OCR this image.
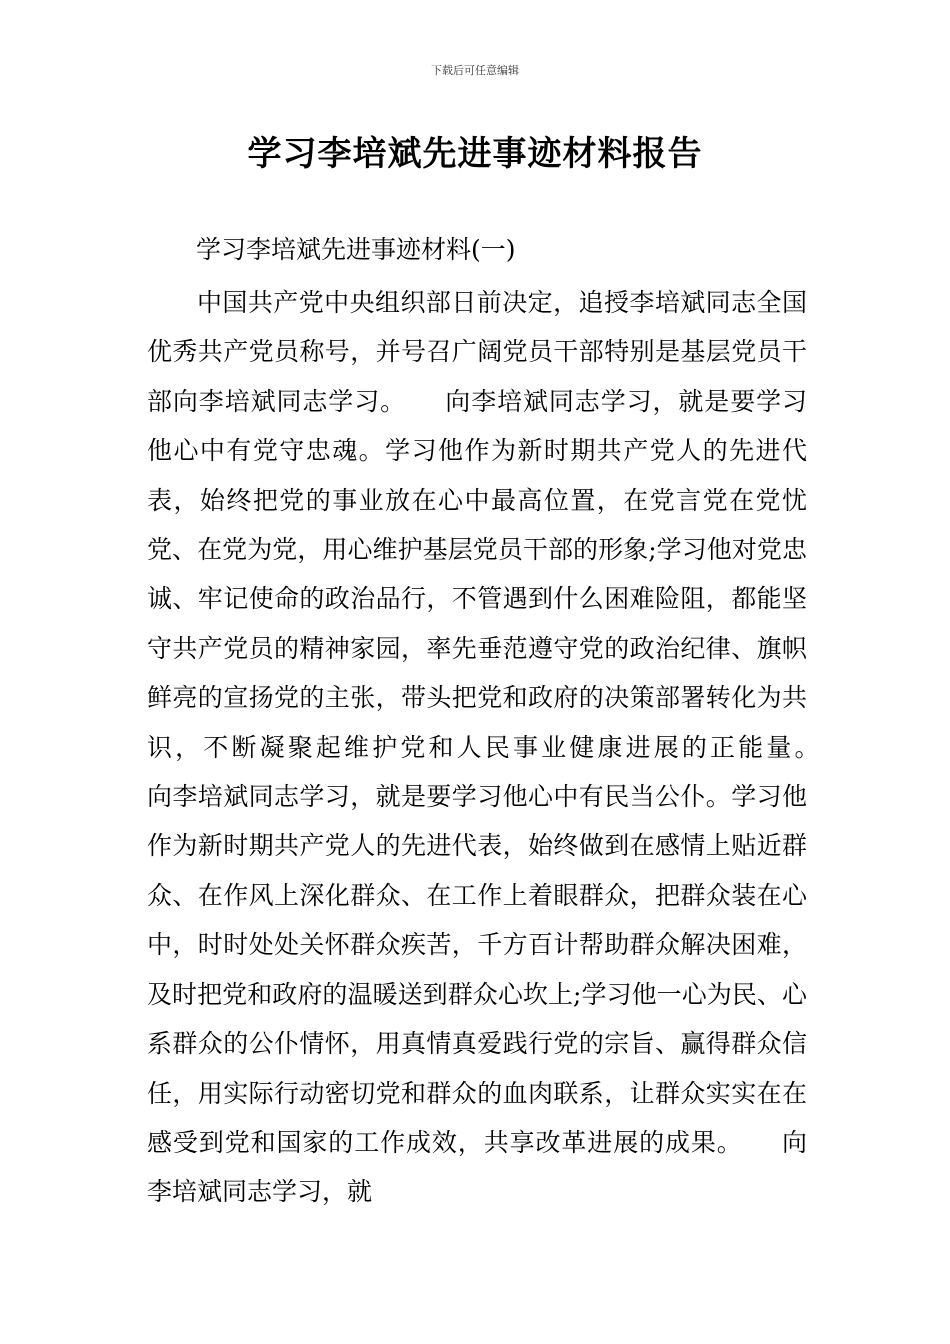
下载后可任意编辑
学习李培斌先进事迹材料报告
学习李培斌先进事迹材料(一)

中国共产党中央组织部日前决定，追授李培斌同志全国优秀共产党员称号，并号召广阔党员干部特别是基层党员干部向李培斌同志学习。　　向李培斌同志学习，就是要学习他心中有党守忠魂。学习他作为新时期共产党人的先进代表，始终把党的事业放在心中最高位置，在党言党在党忧党、在党为党，用心维护基层党员干部的形象;学习他对党忠诚、牢记使命的政治品行，不管遇到什么困难险阻，都能坚守共产党员的精神家园，率先垂范遵守党的政治纪律、旗帜鲜亮的宣扬党的主张，带头把党和政府的决策部署转化为共识，不断凝聚起维护党和人民事业健康进展的正能量。　　向李培斌同志学习，就是要学习他心中有民当公仆。学习他作为新时期共产党人的先进代表，始终做到在感情上贴近群众、在作风上深化群众、在工作上着眼群众，把群众装在心中，时时处处关怀群众疾苦，千方百计帮助群众解决困难，及时把党和政府的温暖送到群众心坎上;学习他一心为民、心系群众的公仆情怀，用真情真爱践行党的宗旨、赢得群众信任，用实际行动密切党和群众的血肉联系，让群众实实在在感受到党和国家的工作成效，共享改革进展的成果。　　向李培斌同志学习，就
